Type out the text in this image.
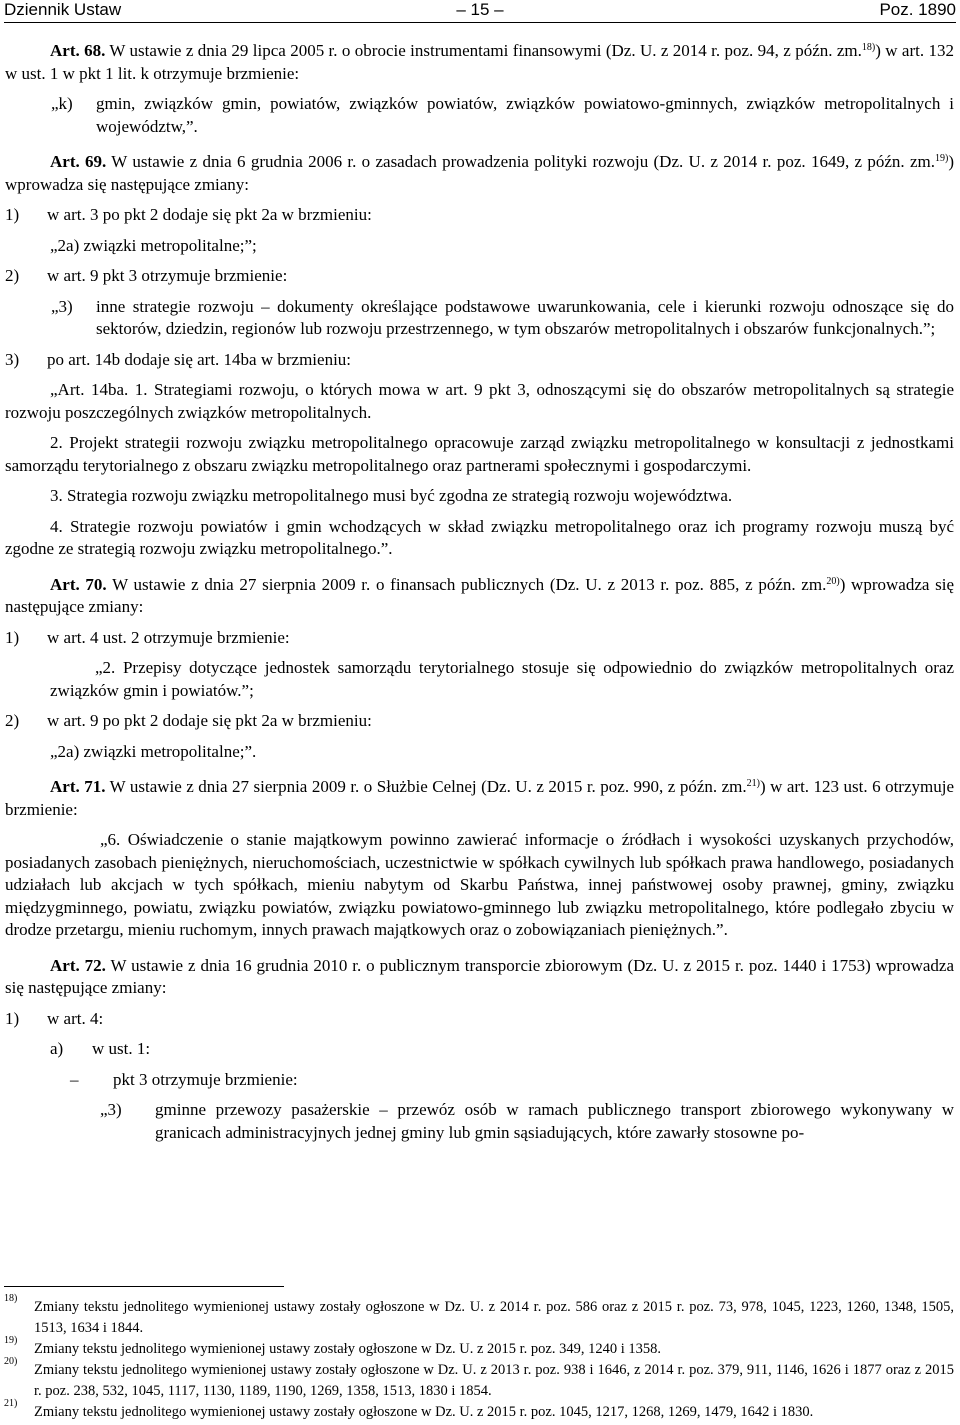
Dziennik Ustaw	– 15 –	Poz. 1890

Art. 68. W ustawie z dnia 29 lipca 2005 r. o obrocie instrumentami finansowymi (Dz. U. z 2014 r. poz. 94, z późn. zm.$^{18)}$) w art. 132 w ust. 1 w pkt 1 lit. k otrzymuje brzmienie:

„k) gmin, związków gmin, powiatów, związków powiatów, związków powiatowo-gminnych, związków metropolitalnych i województw,”.

Art. 69. W ustawie z dnia 6 grudnia 2006 r. o zasadach prowadzenia polityki rozwoju (Dz. U. z 2014 r. poz. 1649, z późn. zm.$^{19)}$) wprowadza się następujące zmiany:

1) w art. 3 po pkt 2 dodaje się pkt 2a w brzmieniu:

„2a) związki metropolitalne;”;

2) w art. 9 pkt 3 otrzymuje brzmienie:

„3) inne strategie rozwoju – dokumenty określające podstawowe uwarunkowania, cele i kierunki rozwoju odnoszące się do sektorów, dziedzin, regionów lub rozwoju przestrzennego, w tym obszarów metropolitalnych i obszarów funkcjonalnych.”;

3) po art. 14b dodaje się art. 14ba w brzmieniu:

„Art. 14ba. 1. Strategiami rozwoju, o których mowa w art. 9 pkt 3, odnoszącymi się do obszarów metropolitalnych są strategie rozwoju poszczególnych związków metropolitalnych.

2. Projekt strategii rozwoju związku metropolitalnego opracowuje zarząd związku metropolitalnego w konsultacji z jednostkami samorządu terytorialnego z obszaru związku metropolitalnego oraz partnerami społecznymi i gospodarczymi.

3. Strategia rozwoju związku metropolitalnego musi być zgodna ze strategią rozwoju województwa.

4. Strategie rozwoju powiatów i gmin wchodzących w skład związku metropolitalnego oraz ich programy rozwoju muszą być zgodne ze strategią rozwoju związku metropolitalnego.”.

Art. 70. W ustawie z dnia 27 sierpnia 2009 r. o finansach publicznych (Dz. U. z 2013 r. poz. 885, z późn. zm.$^{20)}$) wprowadza się następujące zmiany:

1) w art. 4 ust. 2 otrzymuje brzmienie:

„2. Przepisy dotyczące jednostek samorządu terytorialnego stosuje się odpowiednio do związków metropolitalnych oraz związków gmin i powiatów.”;

2) w art. 9 po pkt 2 dodaje się pkt 2a w brzmieniu:

„2a) związki metropolitalne;”.

Art. 71. W ustawie z dnia 27 sierpnia 2009 r. o Służbie Celnej (Dz. U. z 2015 r. poz. 990, z późn. zm.$^{21)}$) w art. 123 ust. 6 otrzymuje brzmienie:

„6. Oświadczenie o stanie majątkowym powinno zawierać informacje o źródłach i wysokości uzyskanych przychodów, posiadanych zasobach pieniężnych, nieruchomościach, uczestnictwie w spółkach cywilnych lub spółkach prawa handlowego, posiadanych udziałach lub akcjach w tych spółkach, mieniu nabytym od Skarbu Państwa, innej państwowej osoby prawnej, gminy, związku międzygminnego, powiatu, związku powiatów, związku powiatowo-gminnego lub związku metropolitalnego, które podlegało zbyciu w drodze przetargu, mieniu ruchomym, innych prawach majątkowych oraz o zobowiązaniach pieniężnych.”.

Art. 72. W ustawie z dnia 16 grudnia 2010 r. o publicznym transporcie zbiorowym (Dz. U. z 2015 r. poz. 1440 i 1753) wprowadza się następujące zmiany:

1) w art. 4:

a) w ust. 1:

– pkt 3 otrzymuje brzmienie:

„3) gminne przewozy pasażerskie – przewóz osób w ramach publicznego transport zbiorowego wykonywany w granicach administracyjnych jednej gminy lub gmin sąsiadujących, które zawarły stosowne po-

18)
Zmiany tekstu jednolitego wymienionej ustawy zostały ogłoszone w Dz. U. z 2014 r. poz. 586 oraz z 2015 r. poz. 73, 978, 1045, 1223, 1260, 1348, 1505, 1513, 1634 i 1844.
19)
Zmiany tekstu jednolitego wymienionej ustawy zostały ogłoszone w Dz. U. z 2015 r. poz. 349, 1240 i 1358.
20)
Zmiany tekstu jednolitego wymienionej ustawy zostały ogłoszone w Dz. U. z 2013 r. poz. 938 i 1646, z 2014 r. poz. 379, 911, 1146, 1626 i 1877 oraz z 2015 r. poz. 238, 532, 1045, 1117, 1130, 1189, 1190, 1269, 1358, 1513, 1830 i 1854.
21)
Zmiany tekstu jednolitego wymienionej ustawy zostały ogłoszone w Dz. U. z 2015 r. poz. 1045, 1217, 1268, 1269, 1479, 1642 i 1830.
